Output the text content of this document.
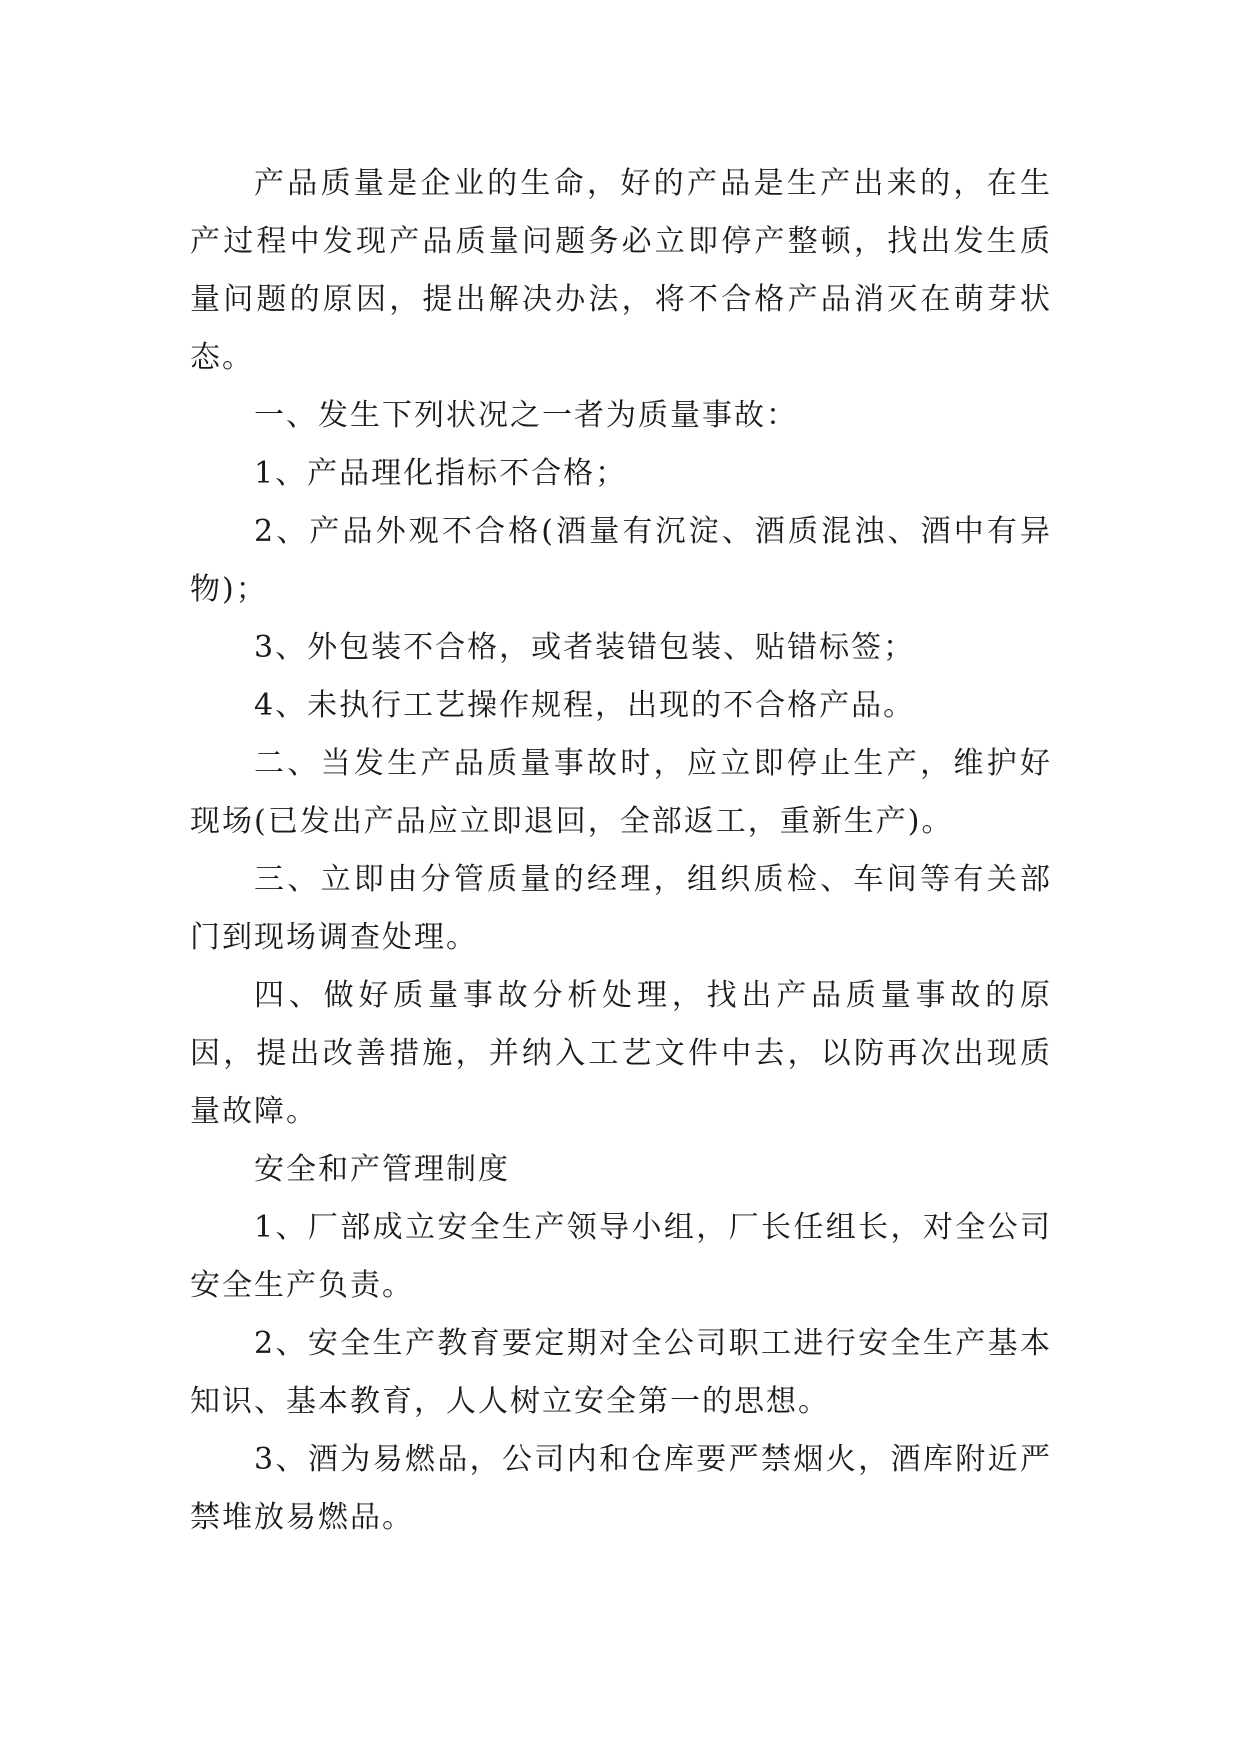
产品质量是企业的生命，好的产品是生产出来的，在生产过程中发现产品质量问题务必立即停产整顿，找出发生质量问题的原因，提出解决办法，将不合格产品消灭在萌芽状态。

一、发生下列状况之一者为质量事故：

1、产品理化指标不合格；

2、产品外观不合格(酒量有沉淀、酒质混浊、酒中有异物)；

3、外包装不合格，或者装错包装、贴错标签；

4、未执行工艺操作规程，出现的不合格产品。

二、当发生产品质量事故时，应立即停止生产，维护好现场(已发出产品应立即退回，全部返工，重新生产)。

三、立即由分管质量的经理，组织质检、车间等有关部门到现场调查处理。

四、做好质量事故分析处理，找出产品质量事故的原因，提出改善措施，并纳入工艺文件中去，以防再次出现质量故障。

安全和产管理制度

1、厂部成立安全生产领导小组，厂长任组长，对全公司安全生产负责。

2、安全生产教育要定期对全公司职工进行安全生产基本知识、基本教育，人人树立安全第一的思想。

3、酒为易燃品，公司内和仓库要严禁烟火，酒库附近严禁堆放易燃品。
